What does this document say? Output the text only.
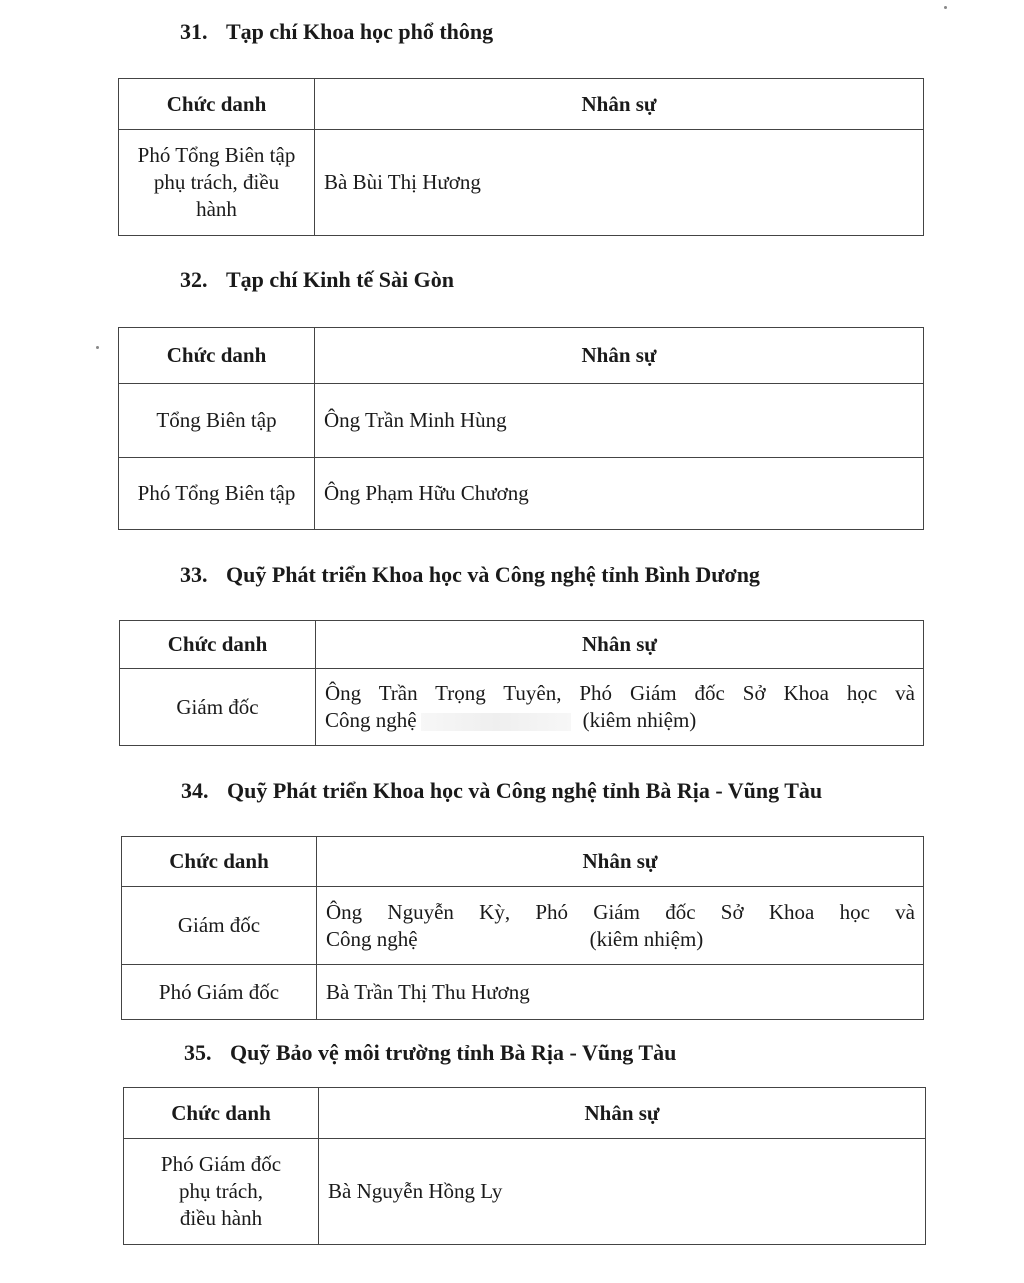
31. Tạp chí Khoa học phổ thông
Chức danh	Nhân sự

Phó Tổng Biên tập
phụ trách, điều
hành	Bà Bùi Thị Hương
32. Tạp chí Kinh tế Sài Gòn
Chức danh	Nhân sự
Tổng Biên tập	Ông Trần Minh Hùng
Phó Tổng Biên tập	Ông Phạm Hữu Chương
33. Quỹ Phát triển Khoa học và Công nghệ tỉnh Bình Dương
Chức danh	Nhân sự
Giám đốc	Ông Trần Trọng Tuyên, Phó Giám đốc Sở Khoa học và
Công nghệ (kiêm nhiệm)
34. Quỹ Phát triển Khoa học và Công nghệ tỉnh Bà Rịa - Vũng Tàu
Chức danh	Nhân sự
Giám đốc	Ông Nguyễn Kỳ, Phó Giám đốc Sở Khoa học và
Công nghệ (kiêm nhiệm)

Phó Giám đốc	Bà Trần Thị Thu Hương
35. Quỹ Bảo vệ môi trường tỉnh Bà Rịa - Vũng Tàu
Chức danh	Nhân sự

Phó Giám đốc
phụ trách,
điều hành	Bà Nguyễn Hồng Ly
